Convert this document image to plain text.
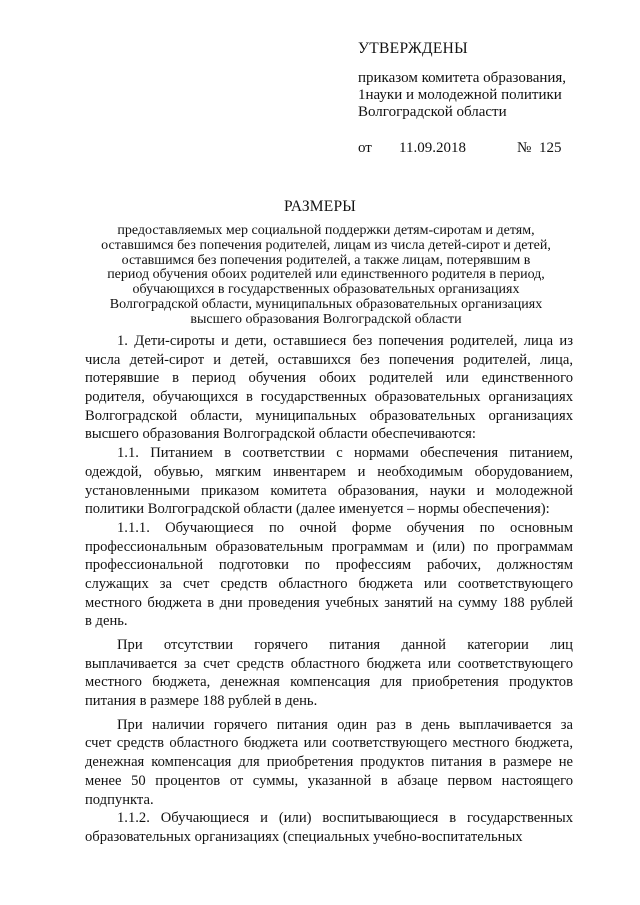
УТВЕРЖДЕНЫ
приказом комитета образования,
1науки и молодежной политики
Волгоградской области
от 11.09.2018	№ 125
РАЗМЕРЫ
предоставляемых мер социальной поддержки детям-сиротам и детям,
оставшимся без попечения родителей, лицам из числа детей-сирот и детей,
оставшимся без попечения родителей, а также лицам, потерявшим в
период обучения обоих родителей или единственного родителя в период,
обучающихся в государственных образовательных организациях
Волгоградской области, муниципальных образовательных организациях
высшего образования Волгоградской области
1. Дети-сироты и дети, оставшиеся без попечения родителей, лица из
числа детей-сирот и детей, оставшихся без попечения родителей, лица,
потерявшие в период обучения обоих родителей или единственного
родителя, обучающихся в государственных образовательных организациях
Волгоградской области, муниципальных образовательных организациях
высшего образования Волгоградской области обеспечиваются:
1.1. Питанием в соответствии с нормами обеспечения питанием,
одеждой, обувью, мягким инвентарем и необходимым оборудованием,
установленными приказом комитета образования, науки и молодежной
политики Волгоградской области (далее именуется – нормы обеспечения):
1.1.1. Обучающиеся по очной форме обучения по основным
профессиональным образовательным программам и (или) по программам
профессиональной подготовки по профессиям рабочих, должностям
служащих за счет средств областного бюджета или соответствующего
местного бюджета в дни проведения учебных занятий на сумму 188 рублей
в день.
При отсутствии горячего питания данной категории лиц
выплачивается за счет средств областного бюджета или соответствующего
местного бюджета, денежная компенсация для приобретения продуктов
питания в размере 188 рублей в день.
При наличии горячего питания один раз в день выплачивается за
счет средств областного бюджета или соответствующего местного бюджета,
денежная компенсация для приобретения продуктов питания в размере не
менее 50 процентов от суммы, указанной в абзаце первом настоящего
подпункта.
1.1.2. Обучающиеся и (или) воспитывающиеся в государственных
образовательных организациях (специальных учебно-воспитательных
